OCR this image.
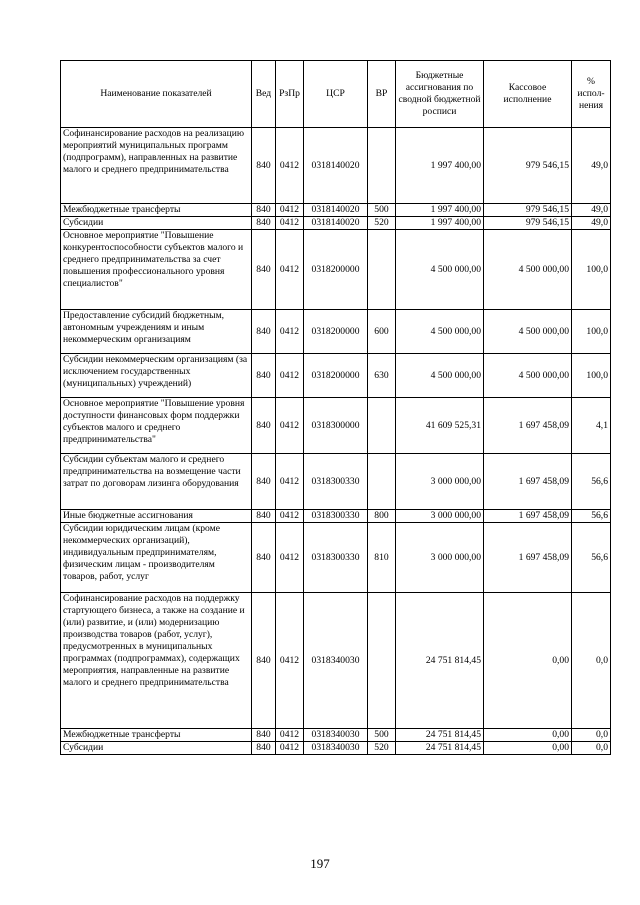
Наименование показателей	Вед	РзПр	ЦСР	ВР	Бюджетные ассигнования по сводной бюджетной росписи	Кассовое исполнение	% испол-нения
Софинансирование расходов на реализацию мероприятий муниципальных программ (подпрограмм), направленных на развитие малого и среднего предпринимательства	840	0412	0318140020		1 997 400,00	979 546,15	49,0
Межбюджетные трансферты	840	0412	0318140020	500	1 997 400,00	979 546,15	49,0
Субсидии	840	0412	0318140020	520	1 997 400,00	979 546,15	49,0
Основное мероприятие "Повышение конкурентоспособности субъектов малого и среднего предпринимательства за счет повышения профессионального уровня специалистов"	840	0412	0318200000		4 500 000,00	4 500 000,00	100,0
Предоставление субсидий бюджетным, автономным учреждениям и иным некоммерческим организациям	840	0412	0318200000	600	4 500 000,00	4 500 000,00	100,0
Субсидии некоммерческим организациям (за исключением государственных (муниципальных) учреждений)	840	0412	0318200000	630	4 500 000,00	4 500 000,00	100,0
Основное мероприятие "Повышение уровня доступности финансовых форм поддержки субъектов малого и среднего предпринимательства"	840	0412	0318300000		41 609 525,31	1 697 458,09	4,1
Субсидии субъектам малого и среднего предпринимательства на возмещение части затрат по договорам лизинга оборудования	840	0412	0318300330		3 000 000,00	1 697 458,09	56,6
Иные бюджетные ассигнования	840	0412	0318300330	800	3 000 000,00	1 697 458,09	56,6
Субсидии юридическим лицам (кроме некоммерческих организаций), индивидуальным предпринимателям, физическим лицам - производителям товаров, работ, услуг	840	0412	0318300330	810	3 000 000,00	1 697 458,09	56,6
Софинансирование расходов на поддержку стартующего бизнеса, а также на создание и (или) развитие, и (или) модернизацию производства товаров (работ, услуг), предусмотренных в муниципальных программах (подпрограммах), содержащих мероприятия, направленные на развитие малого и среднего предпринимательства	840	0412	0318340030		24 751 814,45	0,00	0,0
Межбюджетные трансферты	840	0412	0318340030	500	24 751 814,45	0,00	0,0
Субсидии	840	0412	0318340030	520	24 751 814,45	0,00	0,0
197
